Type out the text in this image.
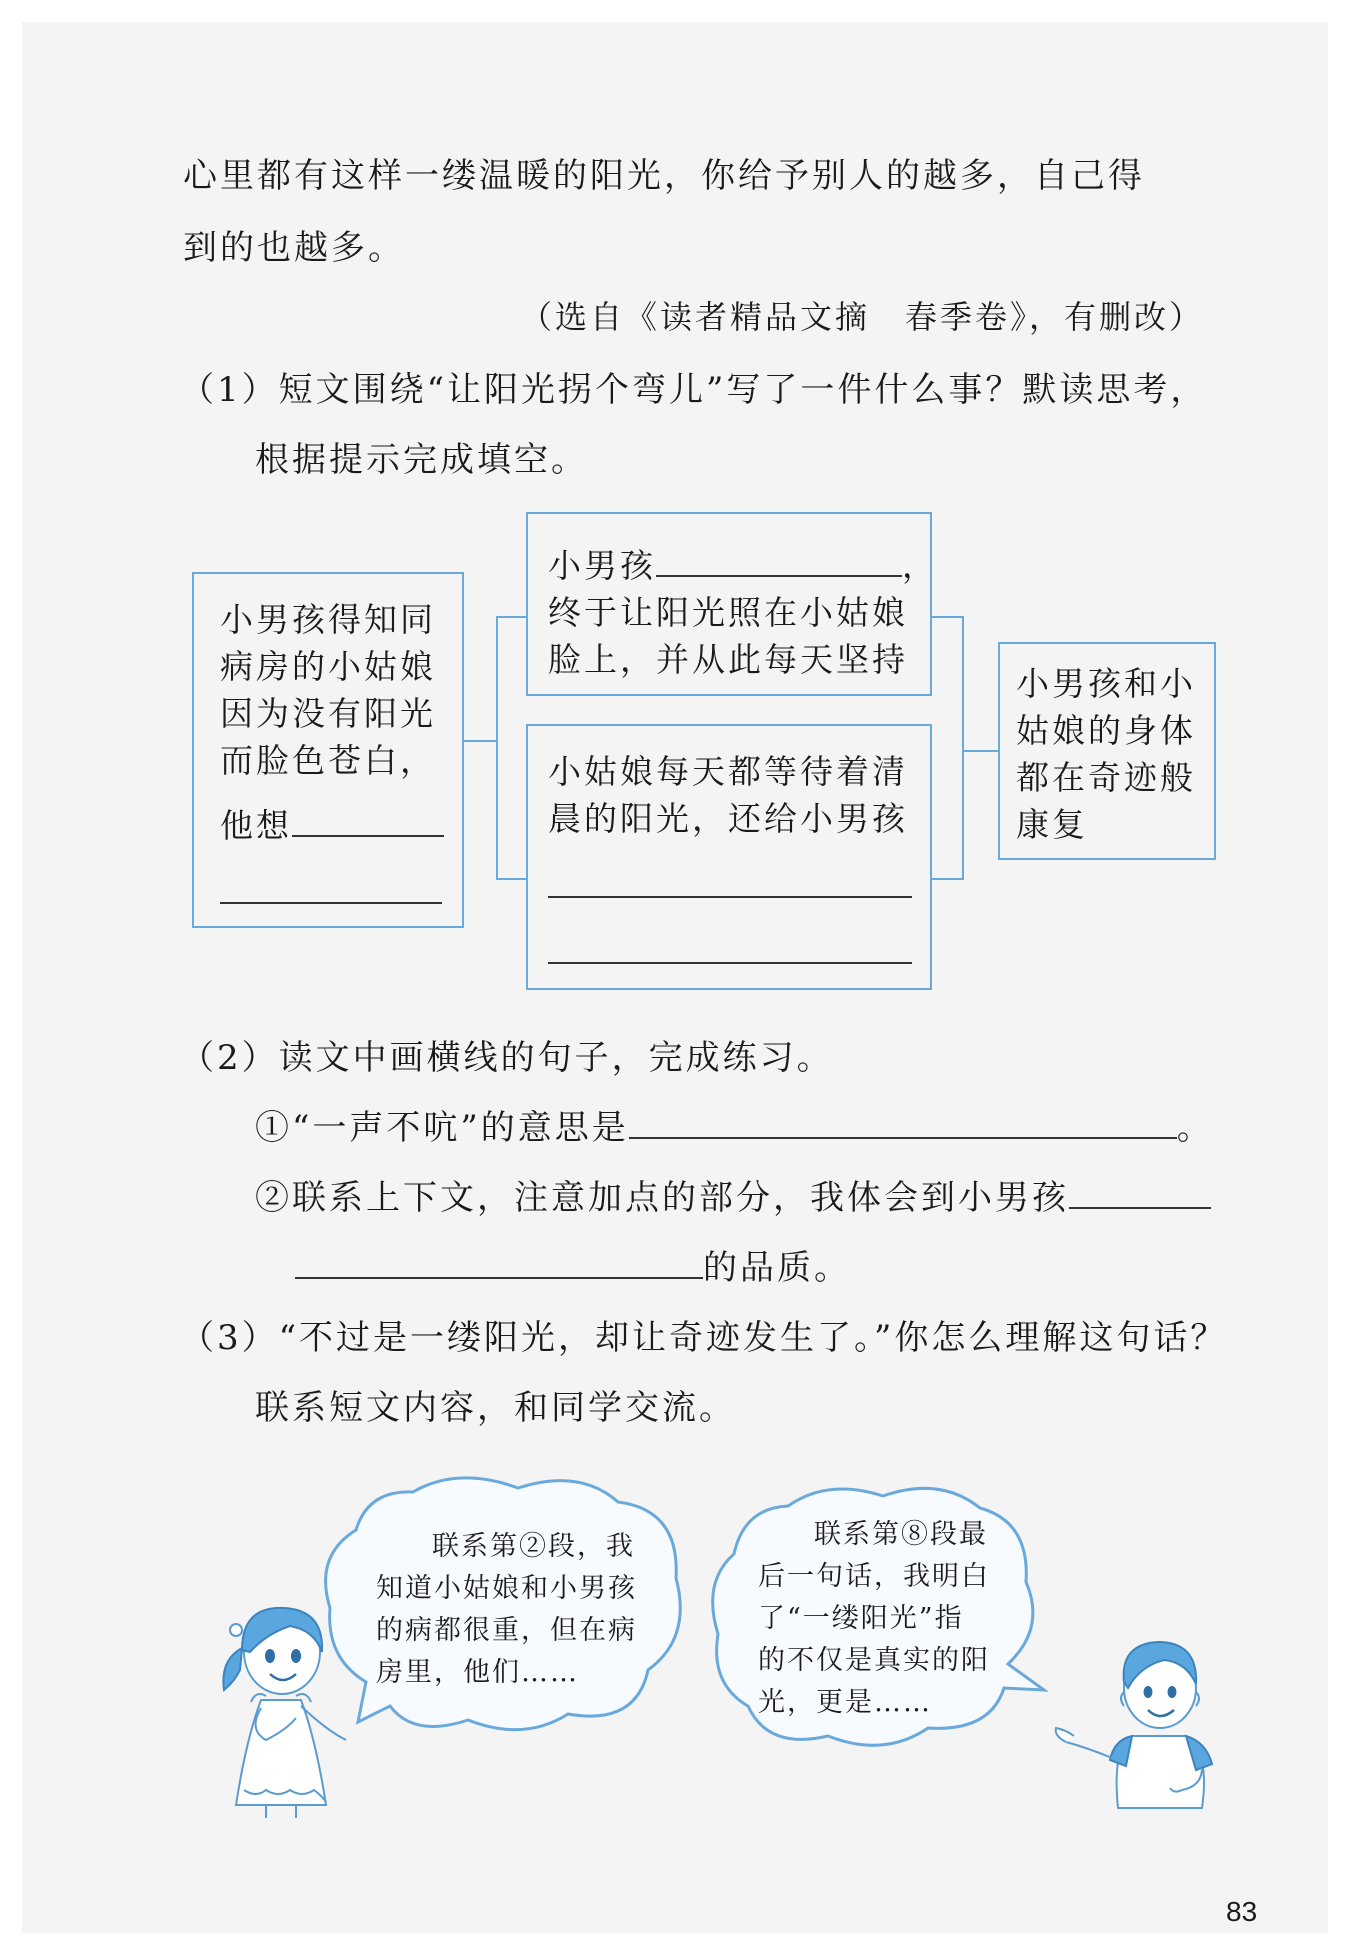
心里都有这样一缕温暖的阳光，你给予别人的越多，自己得
到的也越多。
（选自《读者精品文摘　春季卷》，有删改）
（1）短文围绕“让阳光拐个弯儿”写了一件什么事？默读思考，
根据提示完成填空。
小男孩得知同
病房的小姑娘
因为没有阳光
而脸色苍白，
他想
小男孩	，
终于让阳光照在小姑娘
脸上，并从此每天坚持
小姑娘每天都等待着清
晨的阳光，还给小男孩
小男孩和小
姑娘的身体
都在奇迹般
康复
（2）读文中画横线的句子，完成练习。
①“一声不吭”的意思是	。
②联系上下文，注意加点的部分，我体会到小男孩
的品质。
（3）“不过是一缕阳光，却让奇迹发生了。”你怎么理解这句话？
联系短文内容，和同学交流。
联系第②段，我
知道小姑娘和小男孩
的病都很重，但在病
房里，他们……
联系第⑧段最
后一句话，我明白
了“一缕阳光”指
的不仅是真实的阳
光，更是……
83
